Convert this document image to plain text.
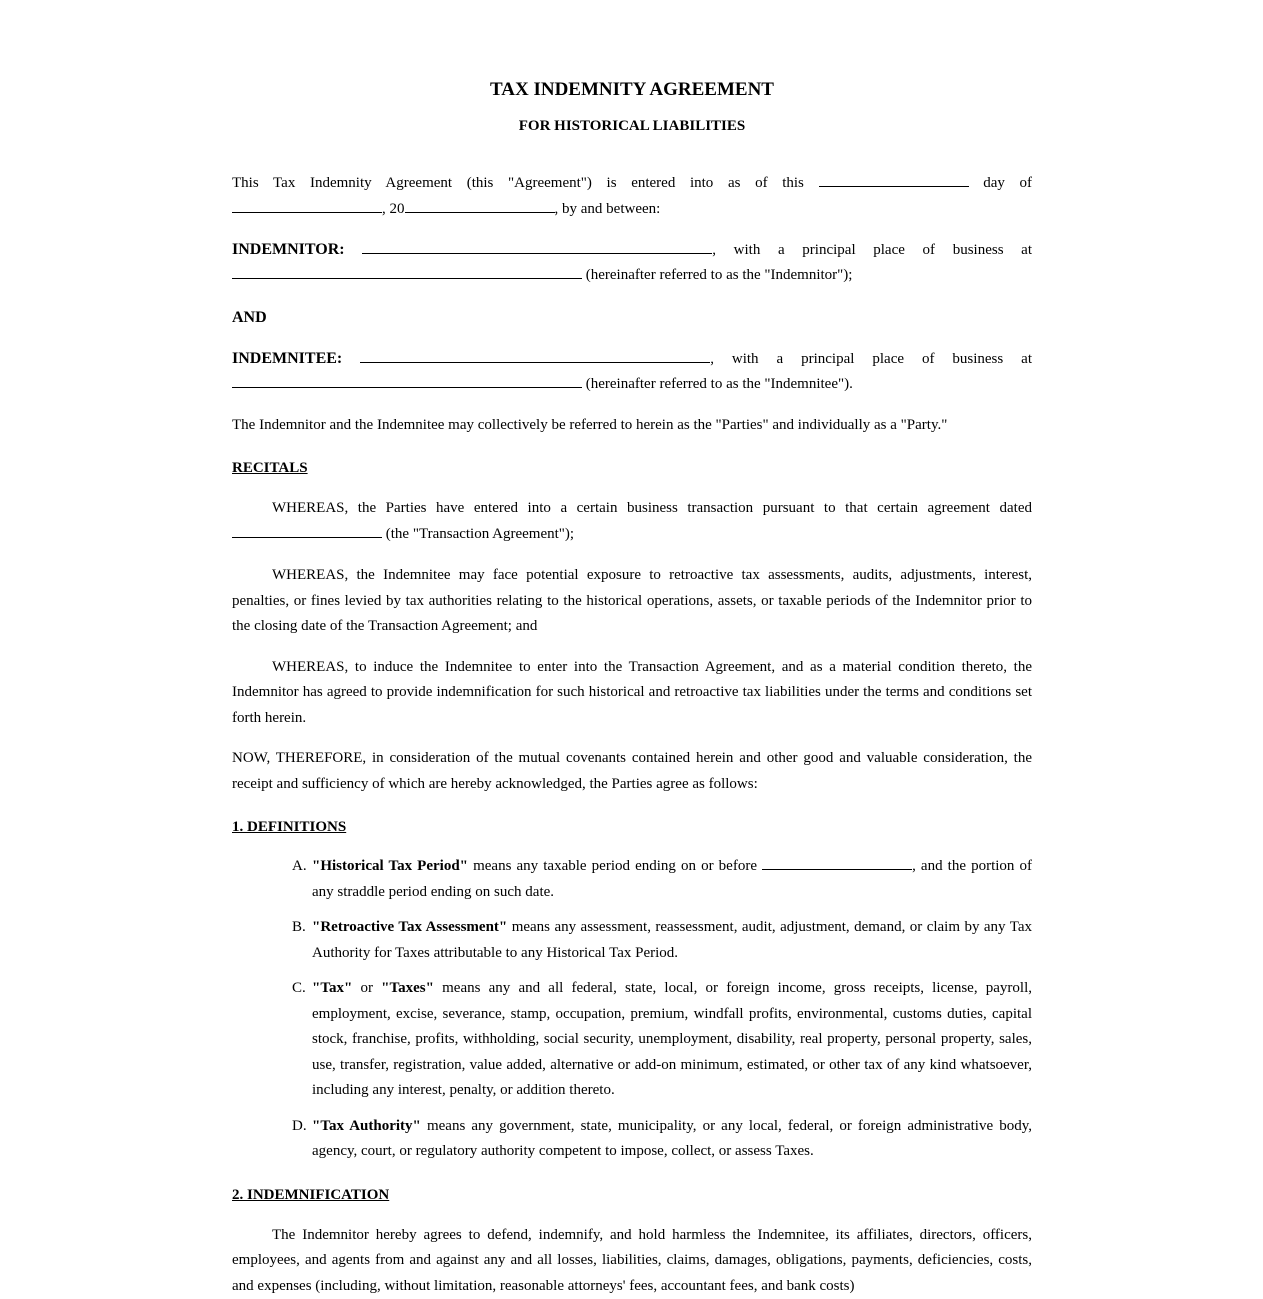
TAX INDEMNITY AGREEMENT
FOR HISTORICAL LIABILITIES

This Tax Indemnity Agreement (this "Agreement") is entered into as of this	day of

, 20	, by and between:

INDEMNITOR:	, with a principal place of business at

(hereinafter referred to as the "Indemnitor");

AND

INDEMNITEE:	, with a principal place of business at

(hereinafter referred to as the "Indemnitee").

The Indemnitor and the Indemnitee may collectively be referred to herein as the "Parties" and individually as a "Party."

RECITALS

WHEREAS, the Parties have entered into a certain business transaction pursuant to that certain agreement dated

(the "Transaction Agreement");

WHEREAS, the Indemnitee may face potential exposure to retroactive tax assessments, audits, adjustments, interest, penalties, or fines levied by tax authorities relating to the historical operations, assets, or taxable periods of the Indemnitor prior to the closing date of the Transaction Agreement; and

WHEREAS, to induce the Indemnitee to enter into the Transaction Agreement, and as a material condition thereto, the Indemnitor has agreed to provide indemnification for such historical and retroactive tax liabilities under the terms and conditions set forth herein.

NOW, THEREFORE, in consideration of the mutual covenants contained herein and other good and valuable consideration, the receipt and sufficiency of which are hereby acknowledged, the Parties agree as follows:

1. DEFINITIONS
A. "Historical Tax Period" means any taxable period ending on or before	, and the portion of any straddle period ending on such date.
B. "Retroactive Tax Assessment" means any assessment, reassessment, audit, adjustment, demand, or claim by any Tax Authority for Taxes attributable to any Historical Tax Period.
C. "Tax" or "Taxes" means any and all federal, state, local, or foreign income, gross receipts, license, payroll, employment, excise, severance, stamp, occupation, premium, windfall profits, environmental, customs duties, capital stock, franchise, profits, withholding, social security, unemployment, disability, real property, personal property, sales, use, transfer, registration, value added, alternative or add-on minimum, estimated, or other tax of any kind whatsoever, including any interest, penalty, or addition thereto.
D. "Tax Authority" means any government, state, municipality, or any local, federal, or foreign administrative body, agency, court, or regulatory authority competent to impose, collect, or assess Taxes.
2. INDEMNIFICATION

The Indemnitor hereby agrees to defend, indemnify, and hold harmless the Indemnitee, its affiliates, directors, officers, employees, and agents from and against any and all losses, liabilities, claims, damages, obligations, payments, deficiencies, costs, and expenses (including, without limitation, reasonable attorneys' fees, accountant fees, and bank costs)
